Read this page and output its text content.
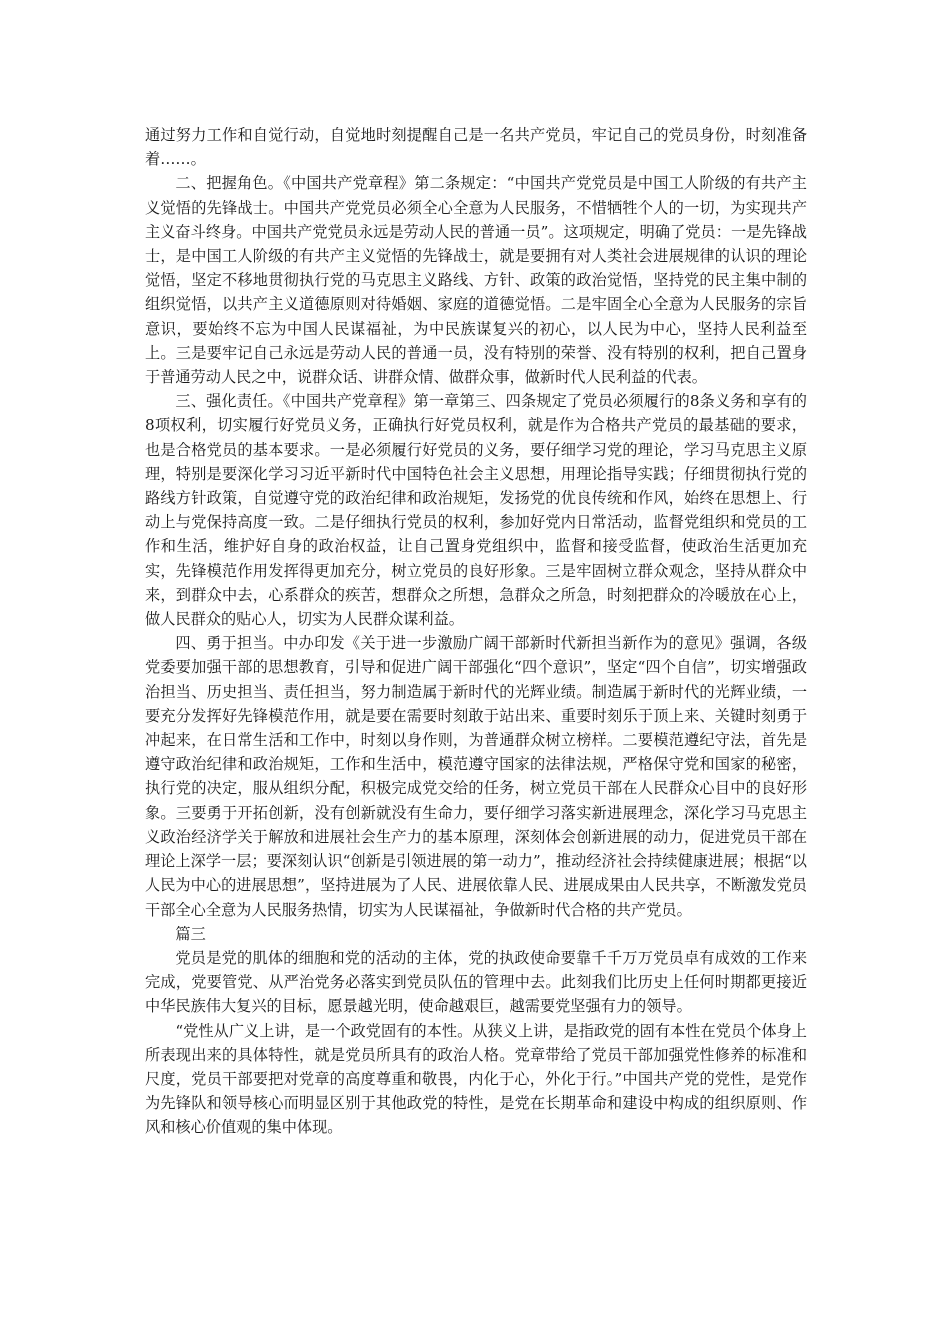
通过努力工作和自觉行动，自觉地时刻提醒自己是一名共产党员，牢记自己的党员身份，时刻准备着……。

二、把握角色。《中国共产党章程》第二条规定：“中国共产党党员是中国工人阶级的有共产主义觉悟的先锋战士。中国共产党党员必须全心全意为人民服务，不惜牺牲个人的一切，为实现共产主义奋斗终身。中国共产党党员永远是劳动人民的普通一员”。这项规定，明确了党员：一是先锋战士，是中国工人阶级的有共产主义觉悟的先锋战士，就是要拥有对人类社会进展规律的认识的理论觉悟，坚定不移地贯彻执行党的马克思主义路线、方针、政策的政治觉悟，坚持党的民主集中制的组织觉悟，以共产主义道德原则对待婚姻、家庭的道德觉悟。二是牢固全心全意为人民服务的宗旨意识，要始终不忘为中国人民谋福祉，为中民族谋复兴的初心，以人民为中心，坚持人民利益至上。三是要牢记自己永远是劳动人民的普通一员，没有特别的荣誉、没有特别的权利，把自己置身于普通劳动人民之中，说群众话、讲群众情、做群众事，做新时代人民利益的代表。

三、强化责任。《中国共产党章程》第一章第三、四条规定了党员必须履行的8条义务和享有的8项权利，切实履行好党员义务，正确执行好党员权利，就是作为合格共产党员的最基础的要求，也是合格党员的基本要求。一是必须履行好党员的义务，要仔细学习党的理论，学习马克思主义原理，特别是要深化学习习近平新时代中国特色社会主义思想，用理论指导实践；仔细贯彻执行党的路线方针政策，自觉遵守党的政治纪律和政治规矩，发扬党的优良传统和作风，始终在思想上、行动上与党保持高度一致。二是仔细执行党员的权利，参加好党内日常活动，监督党组织和党员的工作和生活，维护好自身的政治权益，让自己置身党组织中，监督和接受监督，使政治生活更加充实，先锋模范作用发挥得更加充分，树立党员的良好形象。三是牢固树立群众观念，坚持从群众中来，到群众中去，心系群众的疾苦，想群众之所想，急群众之所急，时刻把群众的冷暖放在心上，做人民群众的贴心人，切实为人民群众谋利益。

四、勇于担当。中办印发《关于进一步激励广阔干部新时代新担当新作为的意见》强调，各级党委要加强干部的思想教育，引导和促进广阔干部强化“四个意识”，坚定“四个自信”，切实增强政治担当、历史担当、责任担当，努力制造属于新时代的光辉业绩。制造属于新时代的光辉业绩，一要充分发挥好先锋模范作用，就是要在需要时刻敢于站出来、重要时刻乐于顶上来、关键时刻勇于冲起来，在日常生活和工作中，时刻以身作则，为普通群众树立榜样。二要模范遵纪守法，首先是遵守政治纪律和政治规矩，工作和生活中，模范遵守国家的法律法规，严格保守党和国家的秘密，执行党的决定，服从组织分配，积极完成党交给的任务，树立党员干部在人民群众心目中的良好形象。三要勇于开拓创新，没有创新就没有生命力，要仔细学习落实新进展理念，深化学习马克思主义政治经济学关于解放和进展社会生产力的基本原理，深刻体会创新进展的动力，促进党员干部在理论上深学一层；要深刻认识“创新是引领进展的第一动力”，推动经济社会持续健康进展；根据“以人民为中心的进展思想”，坚持进展为了人民、进展依靠人民、进展成果由人民共享，不断激发党员干部全心全意为人民服务热情，切实为人民谋福祉，争做新时代合格的共产党员。

篇三

党员是党的肌体的细胞和党的活动的主体，党的执政使命要靠千千万万党员卓有成效的工作来完成，党要管党、从严治党务必落实到党员队伍的管理中去。此刻我们比历史上任何时期都更接近中华民族伟大复兴的目标，愿景越光明，使命越艰巨，越需要党坚强有力的领导。

“党性从广义上讲，是一个政党固有的本性。从狭义上讲，是指政党的固有本性在党员个体身上所表现出来的具体特性，就是党员所具有的政治人格。党章带给了党员干部加强党性修养的标准和尺度，党员干部要把对党章的高度尊重和敬畏，内化于心，外化于行。”中国共产党的党性，是党作为先锋队和领导核心而明显区别于其他政党的特性，是党在长期革命和建设中构成的组织原则、作风和核心价值观的集中体现。
